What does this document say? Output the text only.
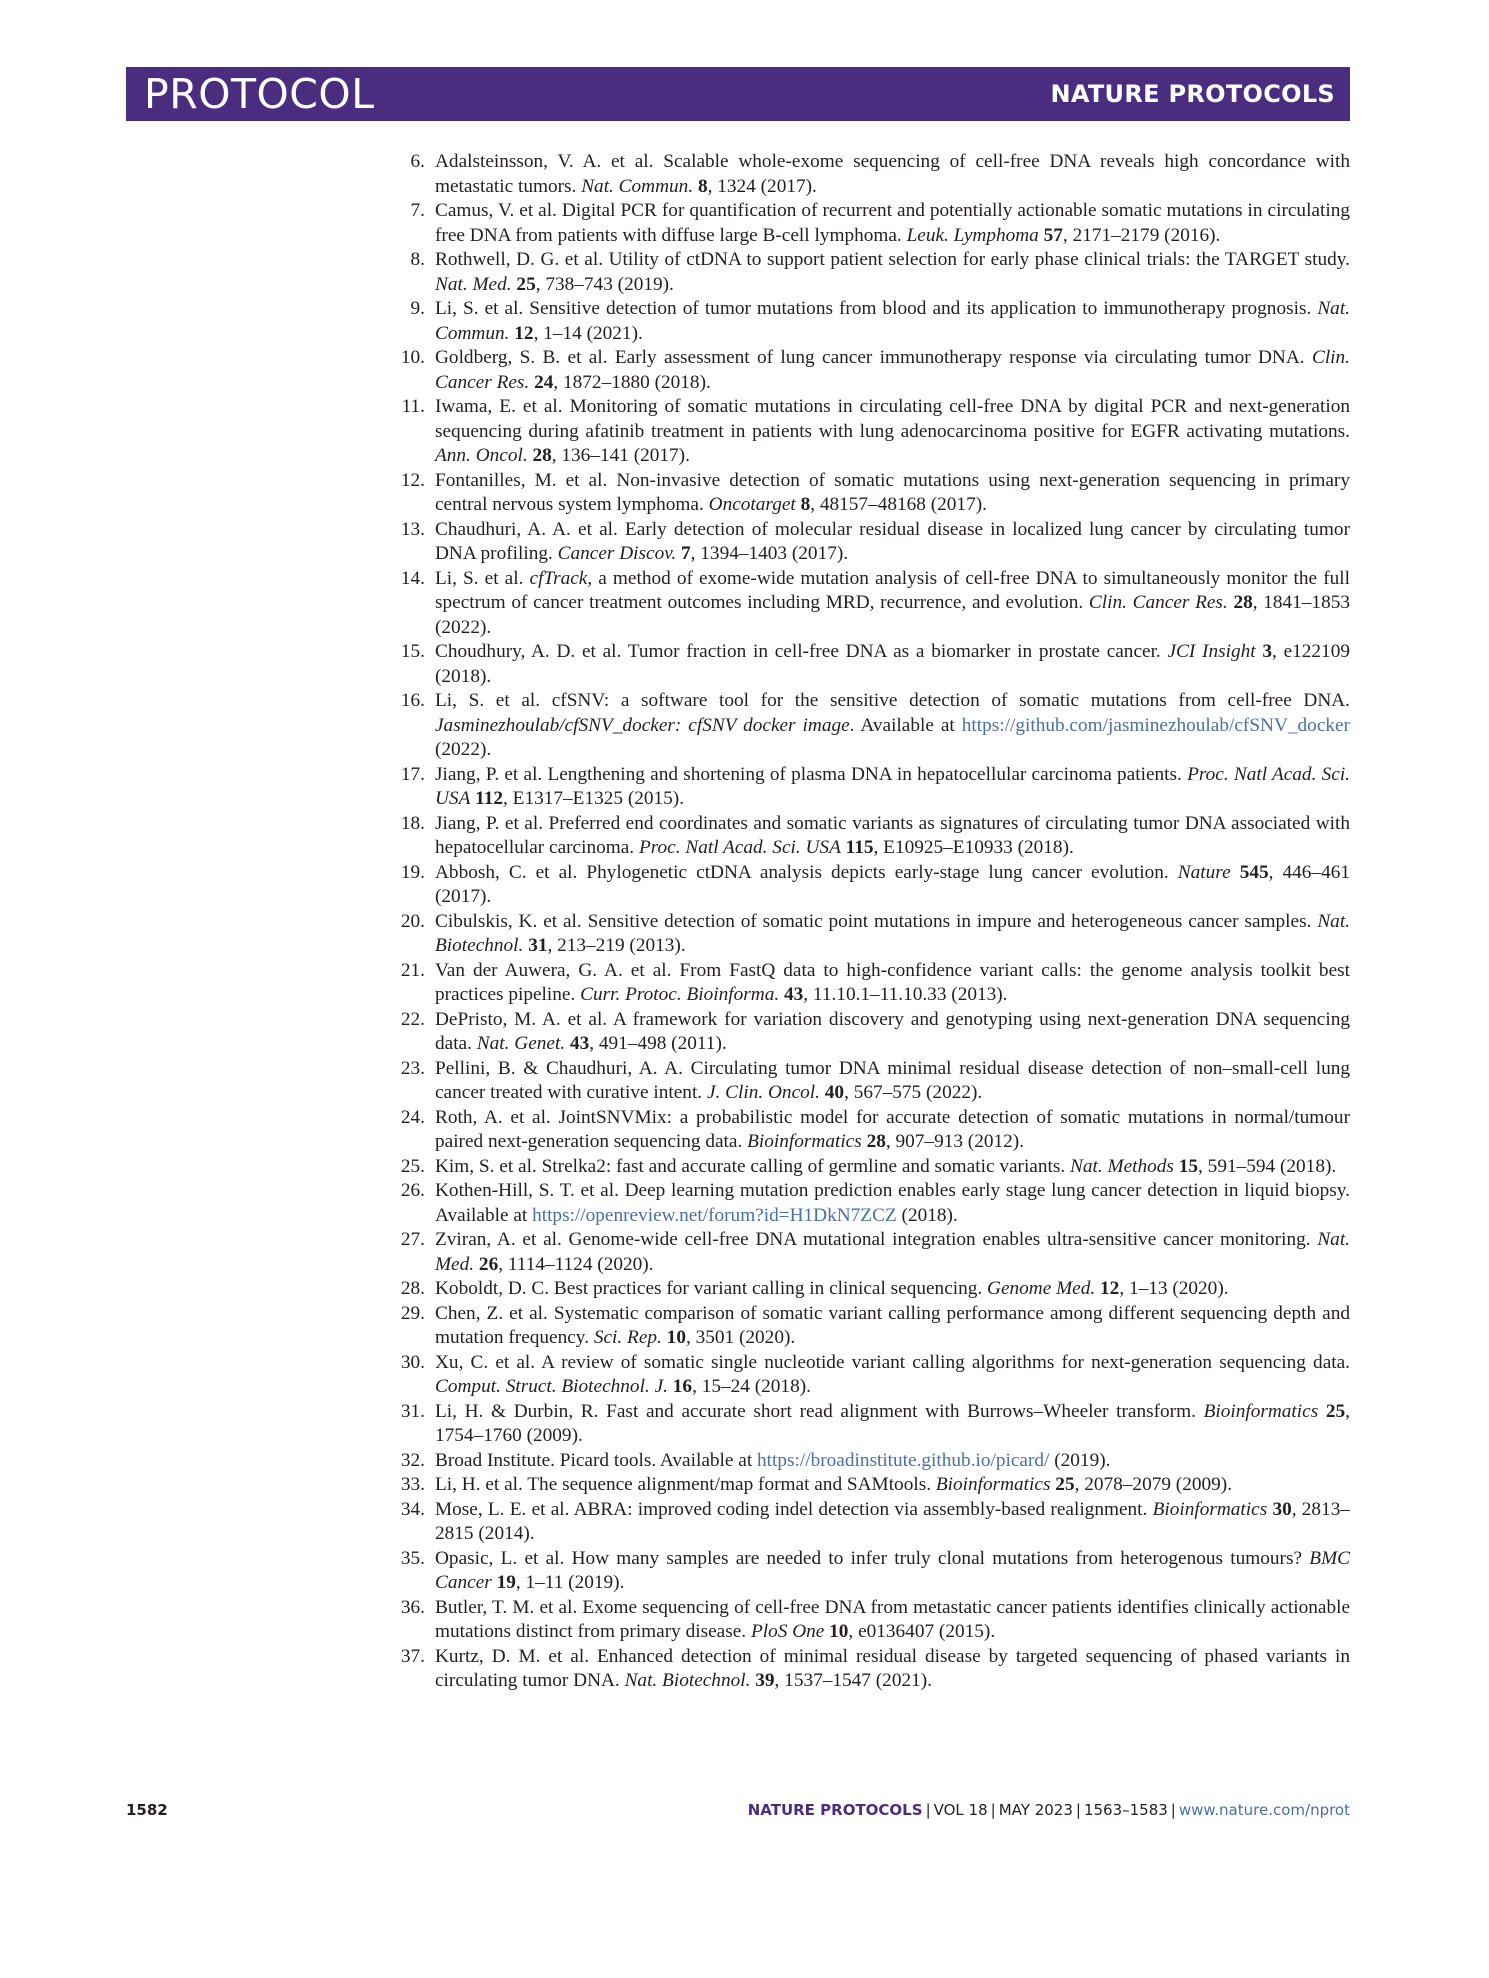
PROTOCOL	NATURE PROTOCOLS
6. Adalsteinsson, V. A. et al. Scalable whole-exome sequencing of cell-free DNA reveals high concordance with metastatic tumors. Nat. Commun. 8, 1324 (2017).
7. Camus, V. et al. Digital PCR for quantification of recurrent and potentially actionable somatic mutations in circulating free DNA from patients with diffuse large B-cell lymphoma. Leuk. Lymphoma 57, 2171–2179 (2016).
8. Rothwell, D. G. et al. Utility of ctDNA to support patient selection for early phase clinical trials: the TARGET study. Nat. Med. 25, 738–743 (2019).
9. Li, S. et al. Sensitive detection of tumor mutations from blood and its application to immunotherapy prognosis. Nat. Commun. 12, 1–14 (2021).
10. Goldberg, S. B. et al. Early assessment of lung cancer immunotherapy response via circulating tumor DNA. Clin. Cancer Res. 24, 1872–1880 (2018).
11. Iwama, E. et al. Monitoring of somatic mutations in circulating cell-free DNA by digital PCR and next-generation sequencing during afatinib treatment in patients with lung adenocarcinoma positive for EGFR activating mutations. Ann. Oncol. 28, 136–141 (2017).
12. Fontanilles, M. et al. Non-invasive detection of somatic mutations using next-generation sequencing in primary central nervous system lymphoma. Oncotarget 8, 48157–48168 (2017).
13. Chaudhuri, A. A. et al. Early detection of molecular residual disease in localized lung cancer by circulating tumor DNA profiling. Cancer Discov. 7, 1394–1403 (2017).
14. Li, S. et al. cfTrack, a method of exome-wide mutation analysis of cell-free DNA to simultaneously monitor the full spectrum of cancer treatment outcomes including MRD, recurrence, and evolution. Clin. Cancer Res. 28, 1841–1853 (2022).
15. Choudhury, A. D. et al. Tumor fraction in cell-free DNA as a biomarker in prostate cancer. JCI Insight 3, e122109 (2018).
16. Li, S. et al. cfSNV: a software tool for the sensitive detection of somatic mutations from cell-free DNA. Jasminezhoulab/cfSNV_docker: cfSNV docker image. Available at https://github.com/jasminezhoulab/cfSNV_docker (2022).
17. Jiang, P. et al. Lengthening and shortening of plasma DNA in hepatocellular carcinoma patients. Proc. Natl Acad. Sci. USA 112, E1317–E1325 (2015).
18. Jiang, P. et al. Preferred end coordinates and somatic variants as signatures of circulating tumor DNA associated with hepatocellular carcinoma. Proc. Natl Acad. Sci. USA 115, E10925–E10933 (2018).
19. Abbosh, C. et al. Phylogenetic ctDNA analysis depicts early-stage lung cancer evolution. Nature 545, 446–461 (2017).
20. Cibulskis, K. et al. Sensitive detection of somatic point mutations in impure and heterogeneous cancer samples. Nat. Biotechnol. 31, 213–219 (2013).
21. Van der Auwera, G. A. et al. From FastQ data to high-confidence variant calls: the genome analysis toolkit best practices pipeline. Curr. Protoc. Bioinforma. 43, 11.10.1–11.10.33 (2013).
22. DePristo, M. A. et al. A framework for variation discovery and genotyping using next-generation DNA sequencing data. Nat. Genet. 43, 491–498 (2011).
23. Pellini, B. & Chaudhuri, A. A. Circulating tumor DNA minimal residual disease detection of non–small-cell lung cancer treated with curative intent. J. Clin. Oncol. 40, 567–575 (2022).
24. Roth, A. et al. JointSNVMix: a probabilistic model for accurate detection of somatic mutations in normal/tumour paired next-generation sequencing data. Bioinformatics 28, 907–913 (2012).
25. Kim, S. et al. Strelka2: fast and accurate calling of germline and somatic variants. Nat. Methods 15, 591–594 (2018).
26. Kothen-Hill, S. T. et al. Deep learning mutation prediction enables early stage lung cancer detection in liquid biopsy. Available at https://openreview.net/forum?id=H1DkN7ZCZ (2018).
27. Zviran, A. et al. Genome-wide cell-free DNA mutational integration enables ultra-sensitive cancer monitoring. Nat. Med. 26, 1114–1124 (2020).
28. Koboldt, D. C. Best practices for variant calling in clinical sequencing. Genome Med. 12, 1–13 (2020).
29. Chen, Z. et al. Systematic comparison of somatic variant calling performance among different sequencing depth and mutation frequency. Sci. Rep. 10, 3501 (2020).
30. Xu, C. et al. A review of somatic single nucleotide variant calling algorithms for next-generation sequencing data. Comput. Struct. Biotechnol. J. 16, 15–24 (2018).
31. Li, H. & Durbin, R. Fast and accurate short read alignment with Burrows–Wheeler transform. Bioinformatics 25, 1754–1760 (2009).
32. Broad Institute. Picard tools. Available at https://broadinstitute.github.io/picard/ (2019).
33. Li, H. et al. The sequence alignment/map format and SAMtools. Bioinformatics 25, 2078–2079 (2009).
34. Mose, L. E. et al. ABRA: improved coding indel detection via assembly-based realignment. Bioinformatics 30, 2813–2815 (2014).
35. Opasic, L. et al. How many samples are needed to infer truly clonal mutations from heterogenous tumours? BMC Cancer 19, 1–11 (2019).
36. Butler, T. M. et al. Exome sequencing of cell-free DNA from metastatic cancer patients identifies clinically actionable mutations distinct from primary disease. PloS One 10, e0136407 (2015).
37. Kurtz, D. M. et al. Enhanced detection of minimal residual disease by targeted sequencing of phased variants in circulating tumor DNA. Nat. Biotechnol. 39, 1537–1547 (2021).
1582	NATURE PROTOCOLS | VOL 18 | MAY 2023 | 1563–1583 | www.nature.com/nprot
